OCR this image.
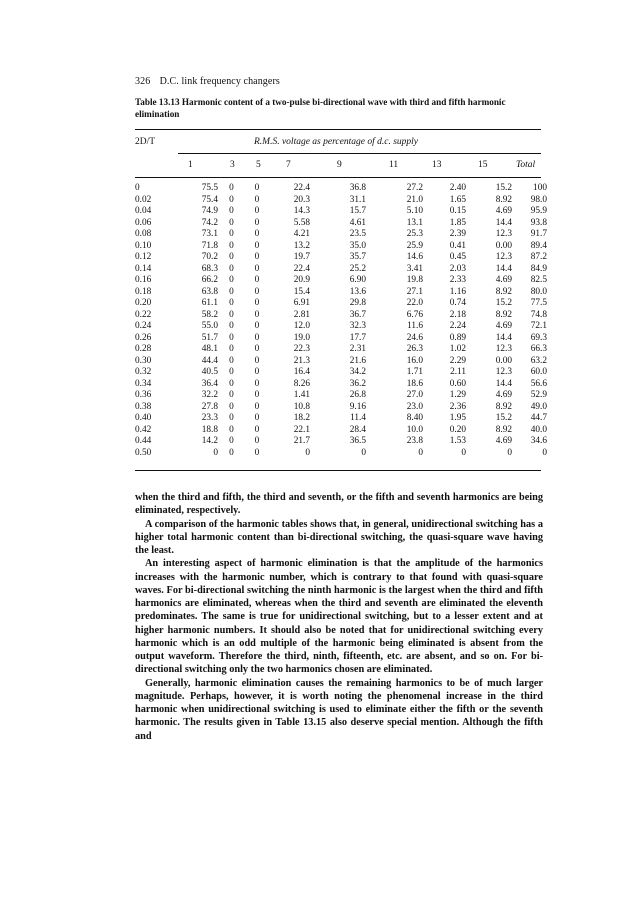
326 D.C. link frequency changers
Table 13.13 Harmonic content of a two-pulse bi-directional wave with third and fifth harmonic elimination
2D/T	R.M.S. voltage as percentage of d.c. supply
1	3 5	7	9	11	13	15	Total
0	75.5	0	0	22.4	36.8	27.2	2.40	15.2	100
0.02	75.4	0	0	20.3	31.1	21.0	1.65	8.92	98.0
0.04	74.9	0	0	14.3	15.7	5.10	0.15	4.69	95.9
0.06	74.2	0	0	5.58	4.61	13.1	1.85	14.4	93.8
0.08	73.1	0	0	4.21	23.5	25.3	2.39	12.3	91.7
0.10	71.8	0	0	13.2	35.0	25.9	0.41	0.00	89.4
0.12	70.2	0	0	19.7	35.7	14.6	0.45	12.3	87.2
0.14	68.3	0	0	22.4	25.2	3.41	2.03	14.4	84.9
0.16	66.2	0	0	20.9	6.90	19.8	2.33	4.69	82.5
0.18	63.8	0	0	15.4	13.6	27.1	1.16	8.92	80.0
0.20	61.1	0	0	6.91	29.8	22.0	0.74	15.2	77.5
0.22	58.2	0	0	2.81	36.7	6.76	2.18	8.92	74.8
0.24	55.0	0	0	12.0	32.3	11.6	2.24	4.69	72.1
0.26	51.7	0	0	19.0	17.7	24.6	0.89	14.4	69.3
0.28	48.1	0	0	22.3	2.31	26.3	1.02	12.3	66.3
0.30	44.4	0	0	21.3	21.6	16.0	2.29	0.00	63.2
0.32	40.5	0	0	16.4	34.2	1.71	2.11	12.3	60.0
0.34	36.4	0	0	8.26	36.2	18.6	0.60	14.4	56.6
0.36	32.2	0	0	1.41	26.8	27.0	1.29	4.69	52.9
0.38	27.8	0	0	10.8	9.16	23.0	2.36	8.92	49.0
0.40	23.3	0	0	18.2	11.4	8.40	1.95	15.2	44.7
0.42	18.8	0	0	22.1	28.4	10.0	0.20	8.92	40.0
0.44	14.2	0	0	21.7	36.5	23.8	1.53	4.69	34.6
0.50	0	0	0	0	0	0	0	0	0

when the third and fifth, the third and seventh, or the fifth and seventh harmonics are being eliminated, respectively.

A comparison of the harmonic tables shows that, in general, unidirectional switching has a higher total harmonic content than bi-directional switching, the quasi-square wave having the least.

An interesting aspect of harmonic elimination is that the amplitude of the harmonics increases with the harmonic number, which is contrary to that found with quasi-square waves. For bi-directional switching the ninth harmonic is the largest when the third and fifth harmonics are eliminated, whereas when the third and seventh are eliminated the eleventh predominates. The same is true for unidirectional switching, but to a lesser extent and at higher harmonic numbers. It should also be noted that for unidirectional switching every harmonic which is an odd multiple of the harmonic being eliminated is absent from the output waveform. Therefore the third, ninth, fifteenth, etc. are absent, and so on. For bi-directional switching only the two harmonics chosen are eliminated.

Generally, harmonic elimination causes the remaining harmonics to be of much larger magnitude. Perhaps, however, it is worth noting the phenomenal increase in the third harmonic when unidirectional switching is used to eliminate either the fifth or the seventh harmonic. The results given in Table 13.15 also deserve special mention. Although the fifth and
